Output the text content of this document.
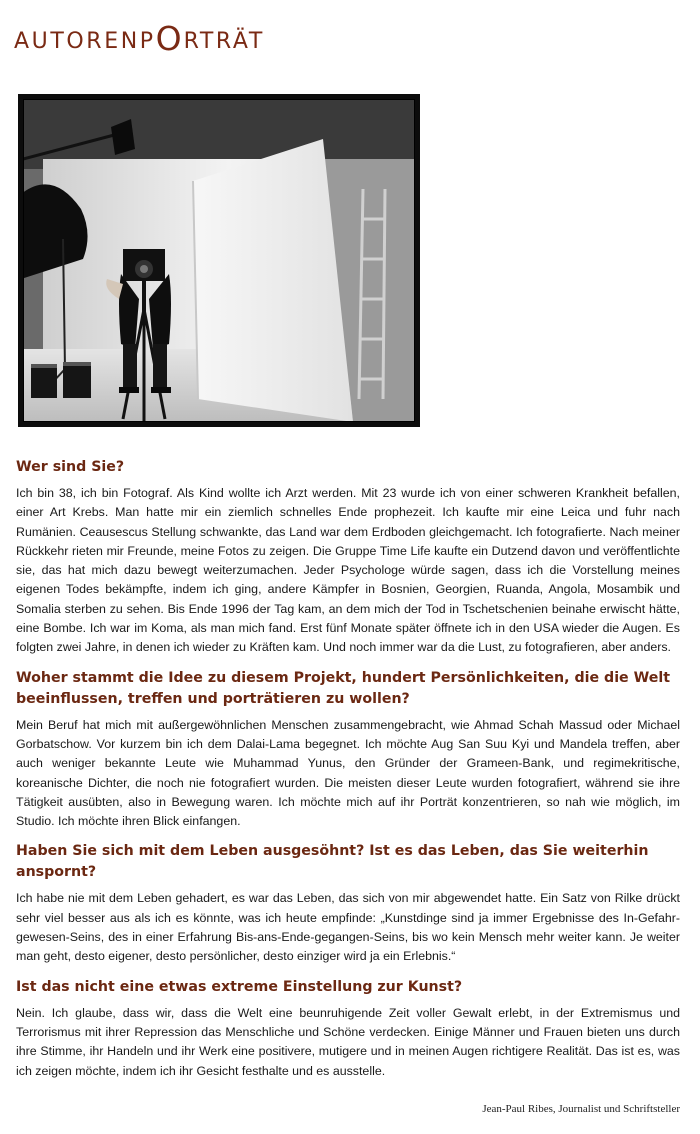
AUTORENPORTRÄT
Wer sind Sie?

Ich bin 38, ich bin Fotograf. Als Kind wollte ich Arzt werden. Mit 23 wurde ich von einer schweren Krankheit befallen, einer Art Krebs. Man hatte mir ein ziemlich schnelles Ende prophezeit. Ich kaufte mir eine Leica und fuhr nach Rumänien. Ceausescus Stellung schwankte, das Land war dem Erdboden gleichgemacht. Ich fotografierte. Nach meiner Rückkehr rieten mir Freunde, meine Fotos zu zeigen. Die Gruppe Time Life kaufte ein Dutzend davon und veröffentlichte sie, das hat mich dazu bewegt weiterzumachen. Jeder Psychologe würde sagen, dass ich die Vorstellung meines eigenen Todes bekämpfte, indem ich ging, andere Kämpfer in Bosnien, Georgien, Ruanda, Angola, Mosambik und Somalia sterben zu sehen. Bis Ende 1996 der Tag kam, an dem mich der Tod in Tschetschenien beinahe erwischt hätte, eine Bombe. Ich war im Koma, als man mich fand. Erst fünf Monate später öffnete ich in den USA wieder die Augen. Es folgten zwei Jahre, in denen ich wieder zu Kräften kam. Und noch immer war da die Lust, zu fotografieren, aber anders.

Woher stammt die Idee zu diesem Projekt, hundert Persönlichkeiten, die die Welt beeinflussen, treffen und porträtieren zu wollen?

Mein Beruf hat mich mit außergewöhnlichen Menschen zusammengebracht, wie Ahmad Schah Massud oder Michael Gorbatschow. Vor kurzem bin ich dem Dalai-Lama begegnet. Ich möchte Aug San Suu Kyi und Mandela treffen, aber auch weniger bekannte Leute wie Muhammad Yunus, den Gründer der Grameen-Bank, und regimekritische, koreanische Dichter, die noch nie fotografiert wurden. Die meisten dieser Leute wurden fotografiert, während sie ihre Tätigkeit ausübten, also in Bewegung waren. Ich möchte mich auf ihr Porträt konzentrieren, so nah wie möglich, im Studio. Ich möchte ihren Blick einfangen.

Haben Sie sich mit dem Leben ausgesöhnt? Ist es das Leben, das Sie weiterhin anspornt?

Ich habe nie mit dem Leben gehadert, es war das Leben, das sich von mir abgewendet hatte. Ein Satz von Rilke drückt sehr viel besser aus als ich es könnte, was ich heute empfinde: „Kunstdinge sind ja immer Ergebnisse des In-Gefahr-gewesen-Seins, des in einer Erfahrung Bis-ans-Ende-gegangen-Seins, bis wo kein Mensch mehr weiter kann. Je weiter man geht, desto eigener, desto persönlicher, desto einziger wird ja ein Erlebnis.“

Ist das nicht eine etwas extreme Einstellung zur Kunst?

Nein. Ich glaube, dass wir, dass die Welt eine beunruhigende Zeit voller Gewalt erlebt, in der Extremismus und Terrorismus mit ihrer Repression das Menschliche und Schöne verdecken. Einige Männer und Frauen bieten uns durch ihre Stimme, ihr Handeln und ihr Werk eine positivere, mutigere und in meinen Augen richtigere Realität. Das ist es, was ich zeigen möchte, indem ich ihr Gesicht festhalte und es ausstelle.

Jean-Paul Ribes, Journalist und Schriftsteller
